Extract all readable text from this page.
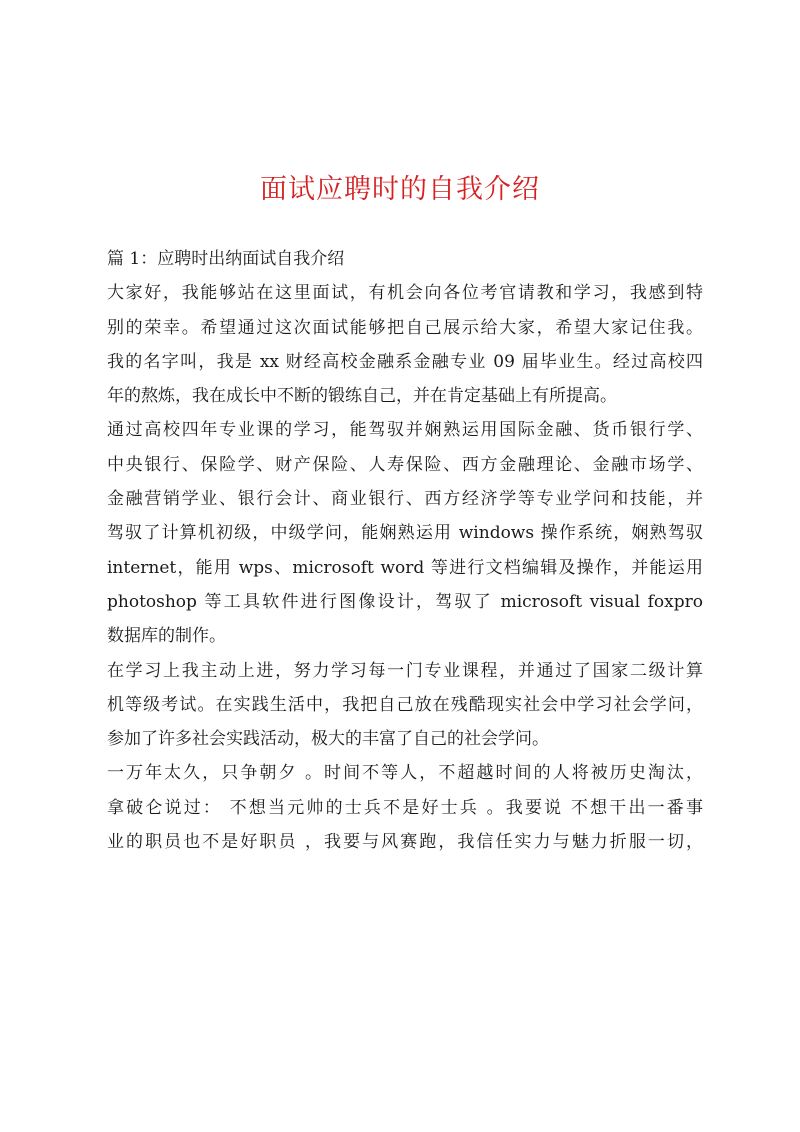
面试应聘时的自我介绍
篇 1：应聘时出纳面试自我介绍
大家好，我能够站在这里面试，有机会向各位考官请教和学习，我感到特
别的荣幸。希望通过这次面试能够把自己展示给大家，希望大家记住我。
我的名字叫，我是 xx 财经高校金融系金融专业 09 届毕业生。经过高校四
年的熬炼，我在成长中不断的锻练自己，并在肯定基础上有所提高。
通过高校四年专业课的学习，能驾驭并娴熟运用国际金融、货币银行学、
中央银行、保险学、财产保险、人寿保险、西方金融理论、金融市场学、
金融营销学业、银行会计、商业银行、西方经济学等专业学问和技能，并
驾驭了计算机初级，中级学问，能娴熟运用 windows 操作系统，娴熟驾驭
internet，能用 wps、microsoft word 等进行文档编辑及操作，并能运用
photoshop 等工具软件进行图像设计，驾驭了 microsoft visual foxpro
数据库的制作。
在学习上我主动上进，努力学习每一门专业课程，并通过了国家二级计算
机等级考试。在实践生活中，我把自己放在残酷现实社会中学习社会学问，
参加了许多社会实践活动，极大的丰富了自己的社会学问。
一万年太久，只争朝夕 。时间不等人，不超越时间的人将被历史淘汰，
拿破仑说过： 不想当元帅的士兵不是好士兵 。我要说 不想干出一番事
业的职员也不是好职员 ，我要与风赛跑，我信任实力与魅力折服一切，
